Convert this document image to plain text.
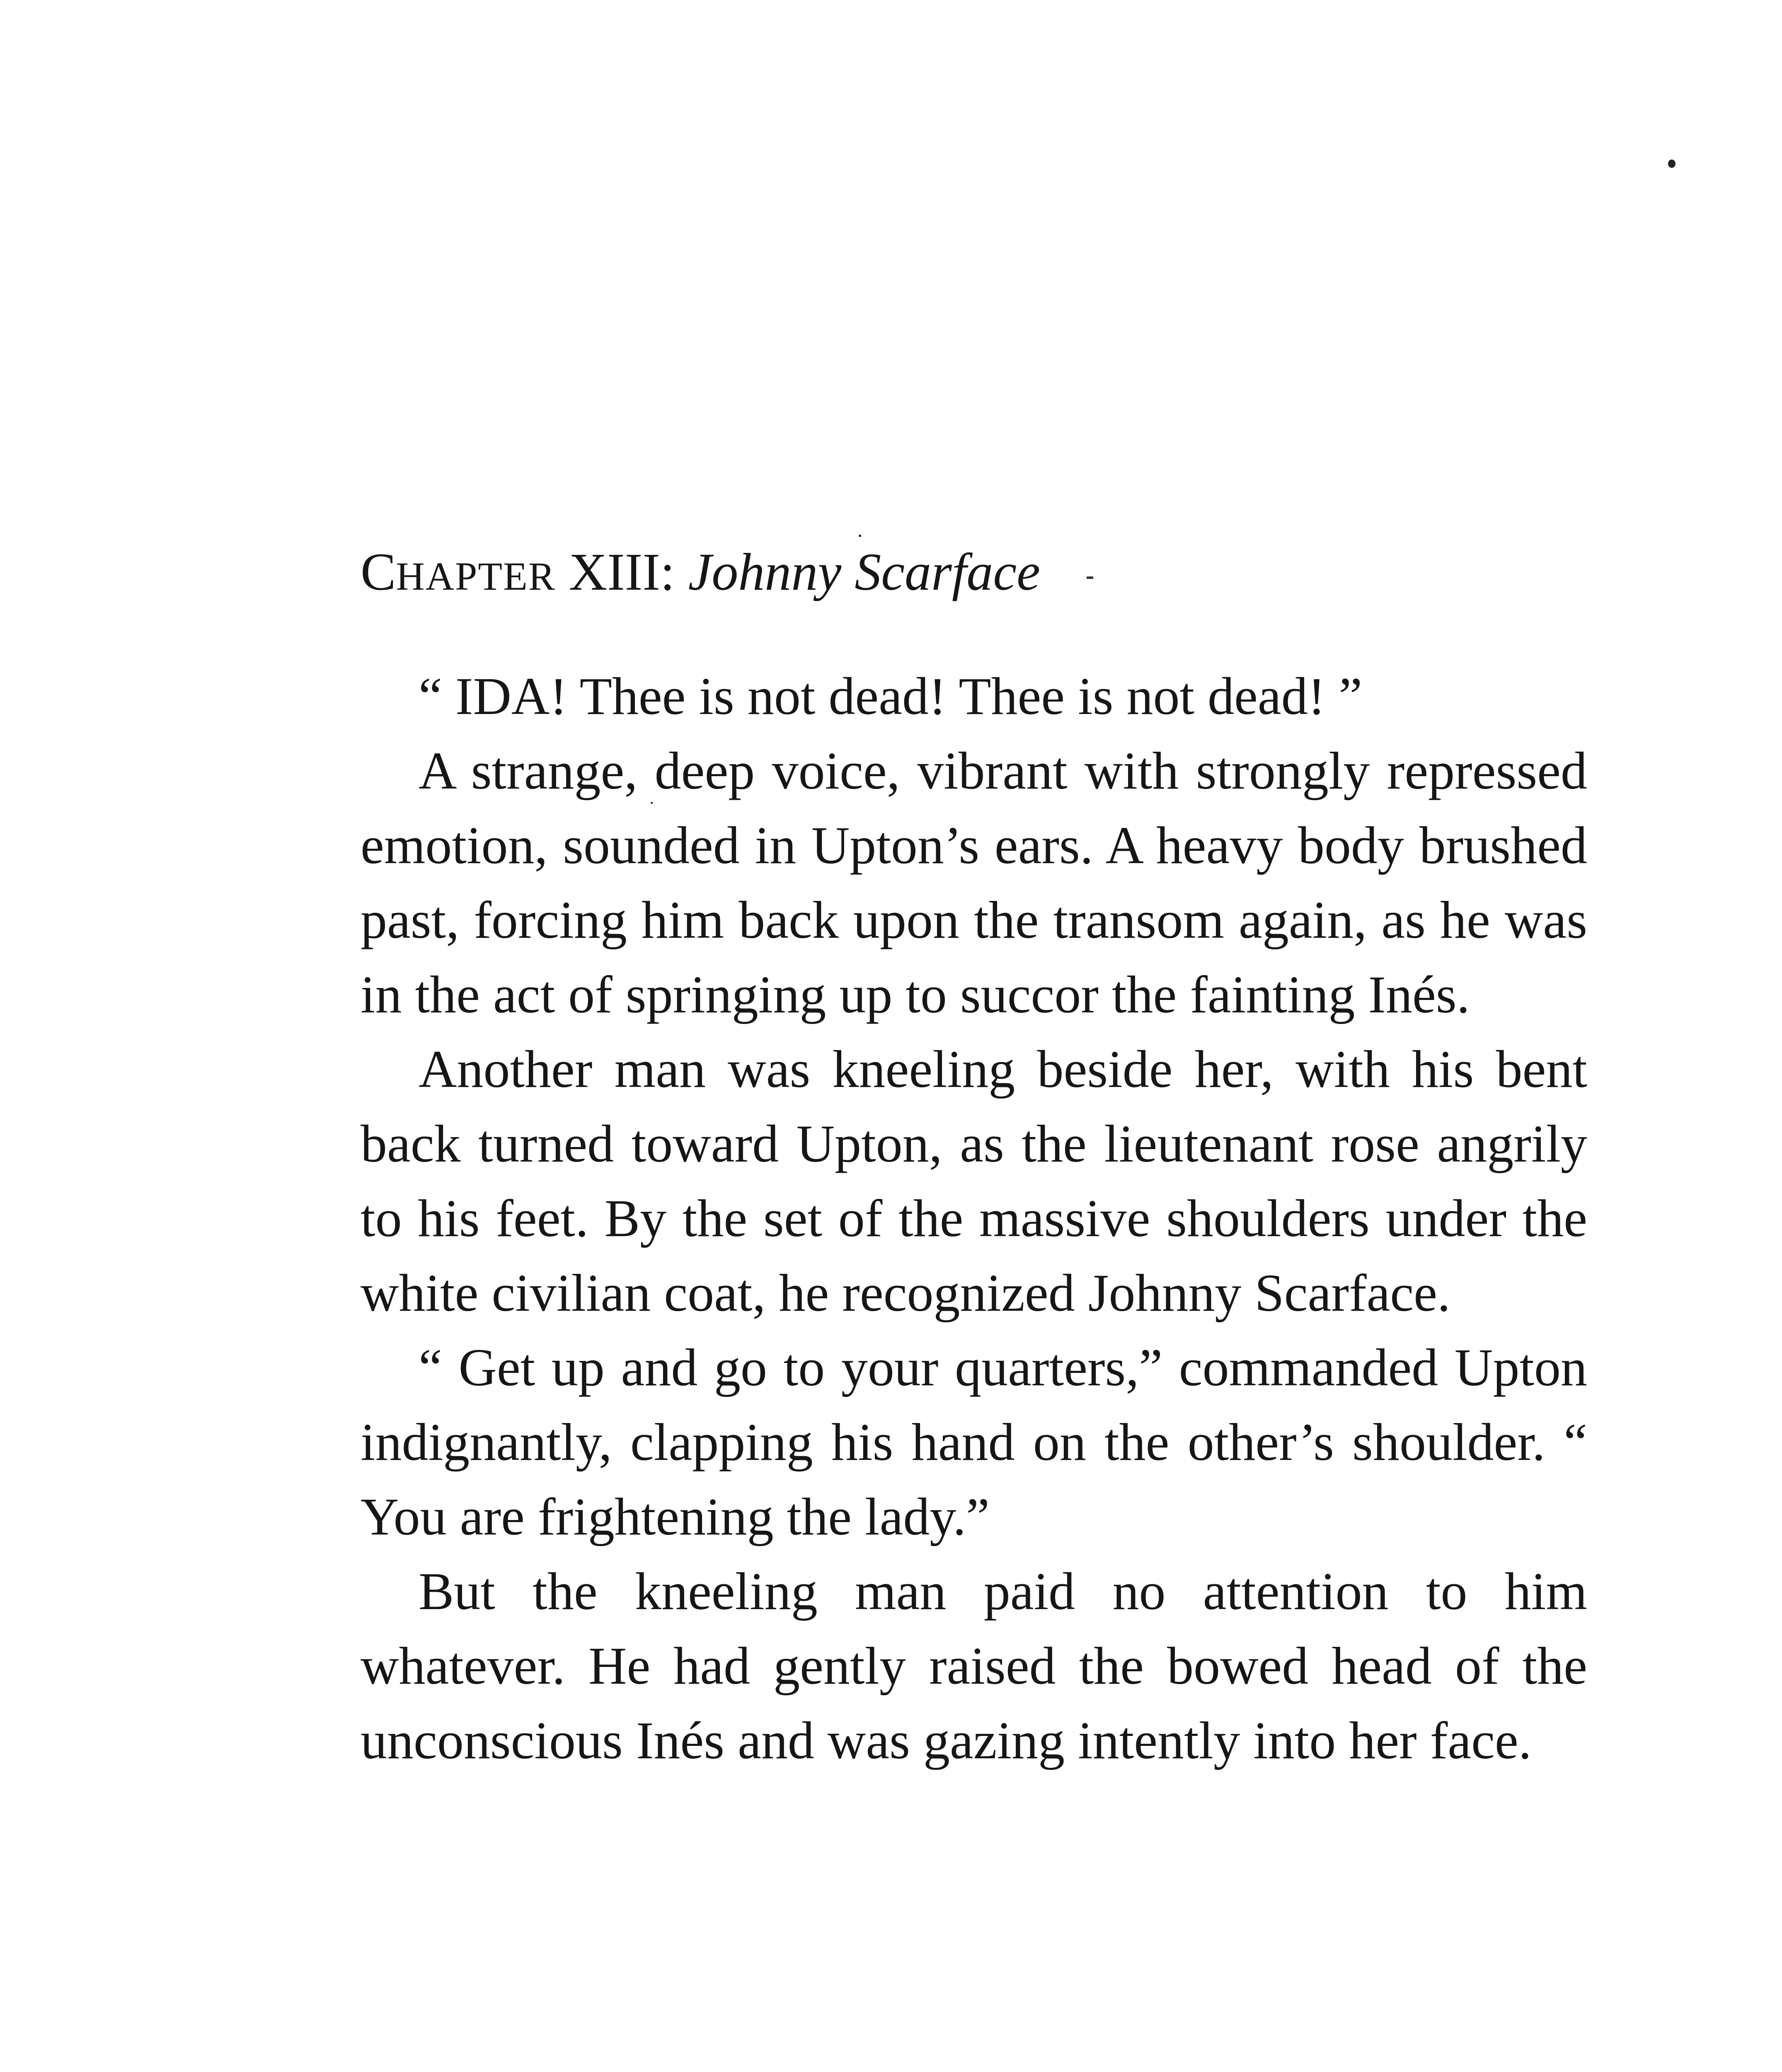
CHAPTER XIII: Johnny Scarface

“ IDA! Thee is not dead! Thee is not dead! ”

A strange, deep voice, vibrant with strongly repressed emotion, sounded in Upton’s ears. A heavy body brushed past, forcing him back upon the transom again, as he was in the act of springing up to succor the fainting Inés.

Another man was kneeling beside her, with his bent back turned toward Upton, as the lieutenant rose angrily to his feet. By the set of the massive shoulders under the white civilian coat, he recognized Johnny Scarface.

“ Get up and go to your quarters,” commanded Upton indignantly, clapping his hand on the other’s shoulder. “ You are frightening the lady.”

But the kneeling man paid no attention to him whatever. He had gently raised the bowed head of the unconscious Inés and was gazing intently into her face.
